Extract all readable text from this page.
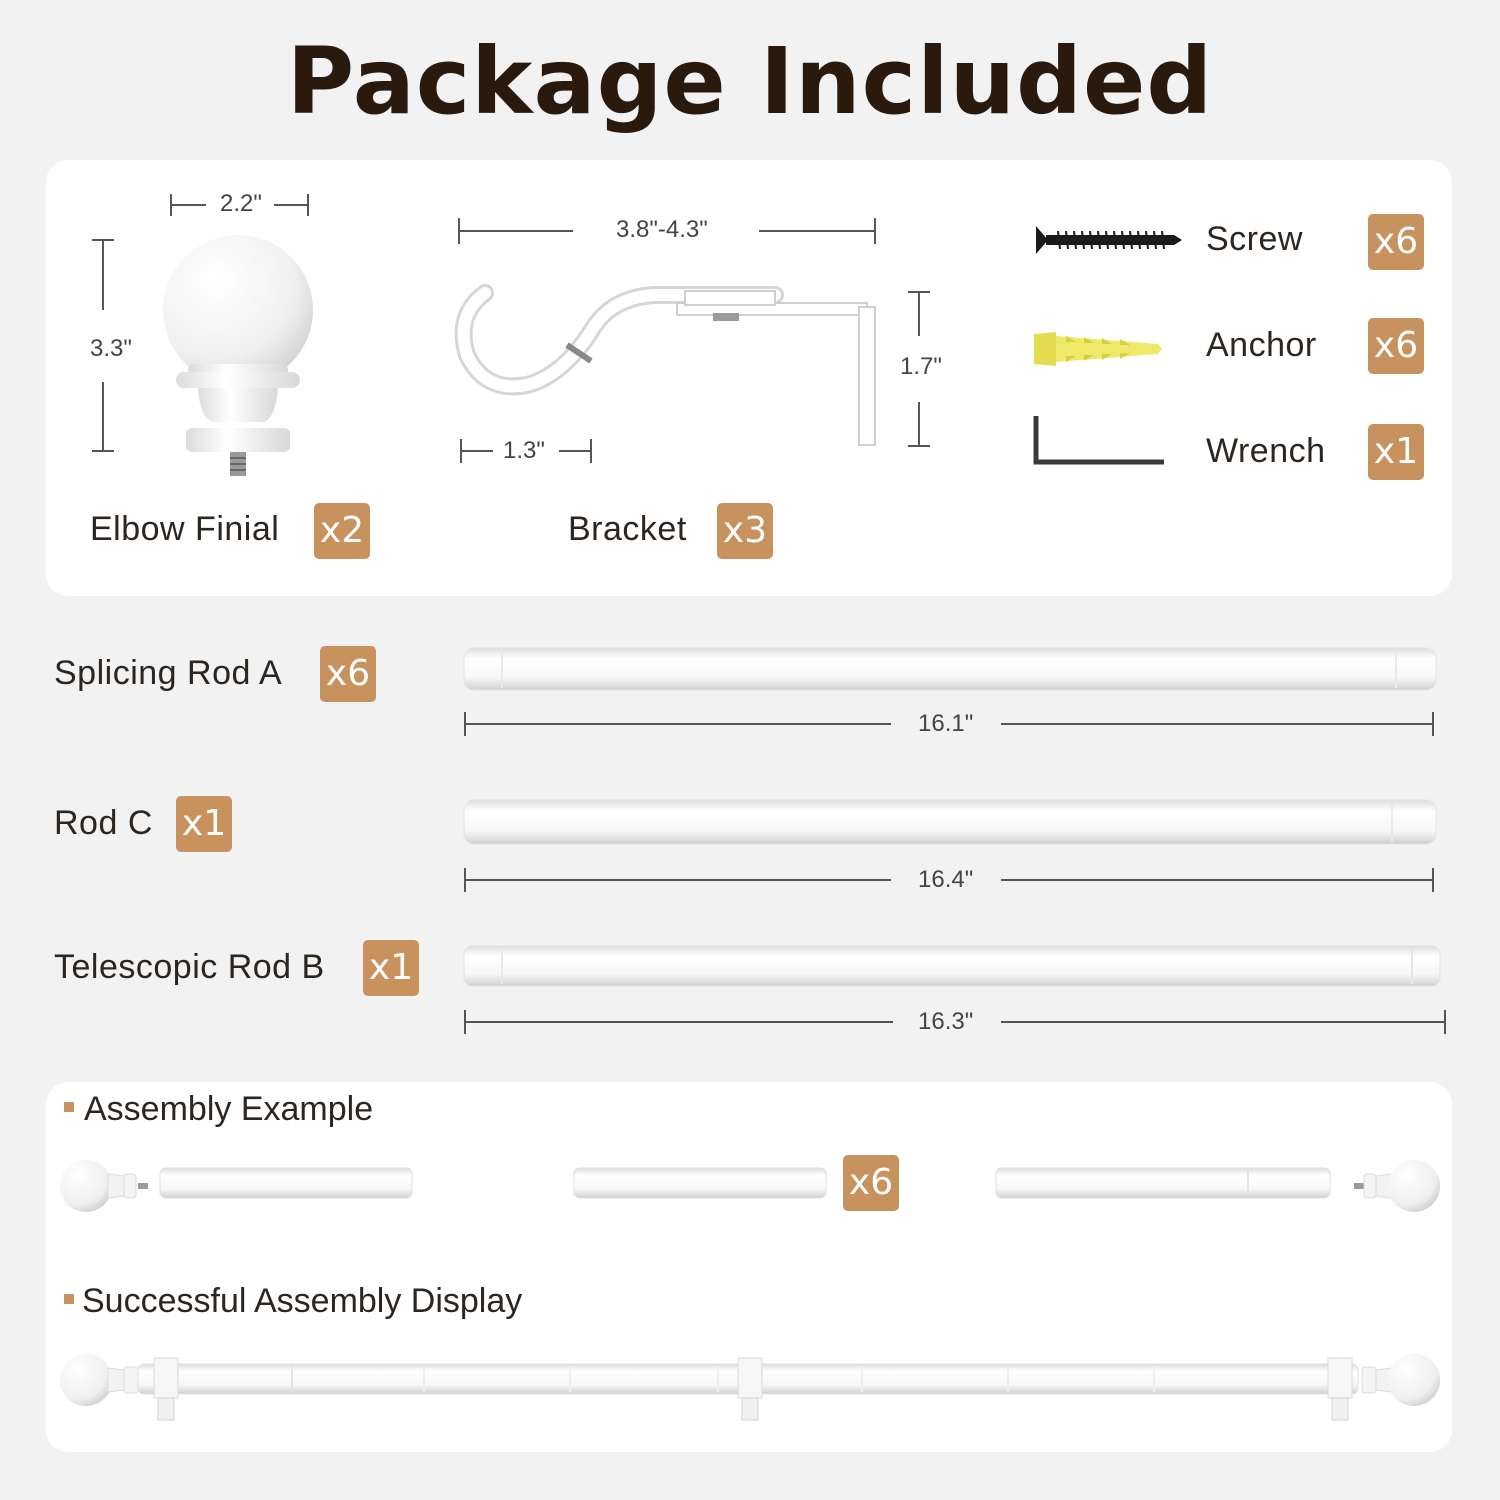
Package Included
2.2"
3.3"
Elbow Finial x2
3.8"-4.3"
1.7"
1.3"
Bracket x3
Screw x6
Anchor x6
Wrench x1
Splicing Rod A x6
16.1"
Rod C x1
16.4"
Telescopic Rod B x1
16.3"
Assembly Example
x6
Successful Assembly Display
